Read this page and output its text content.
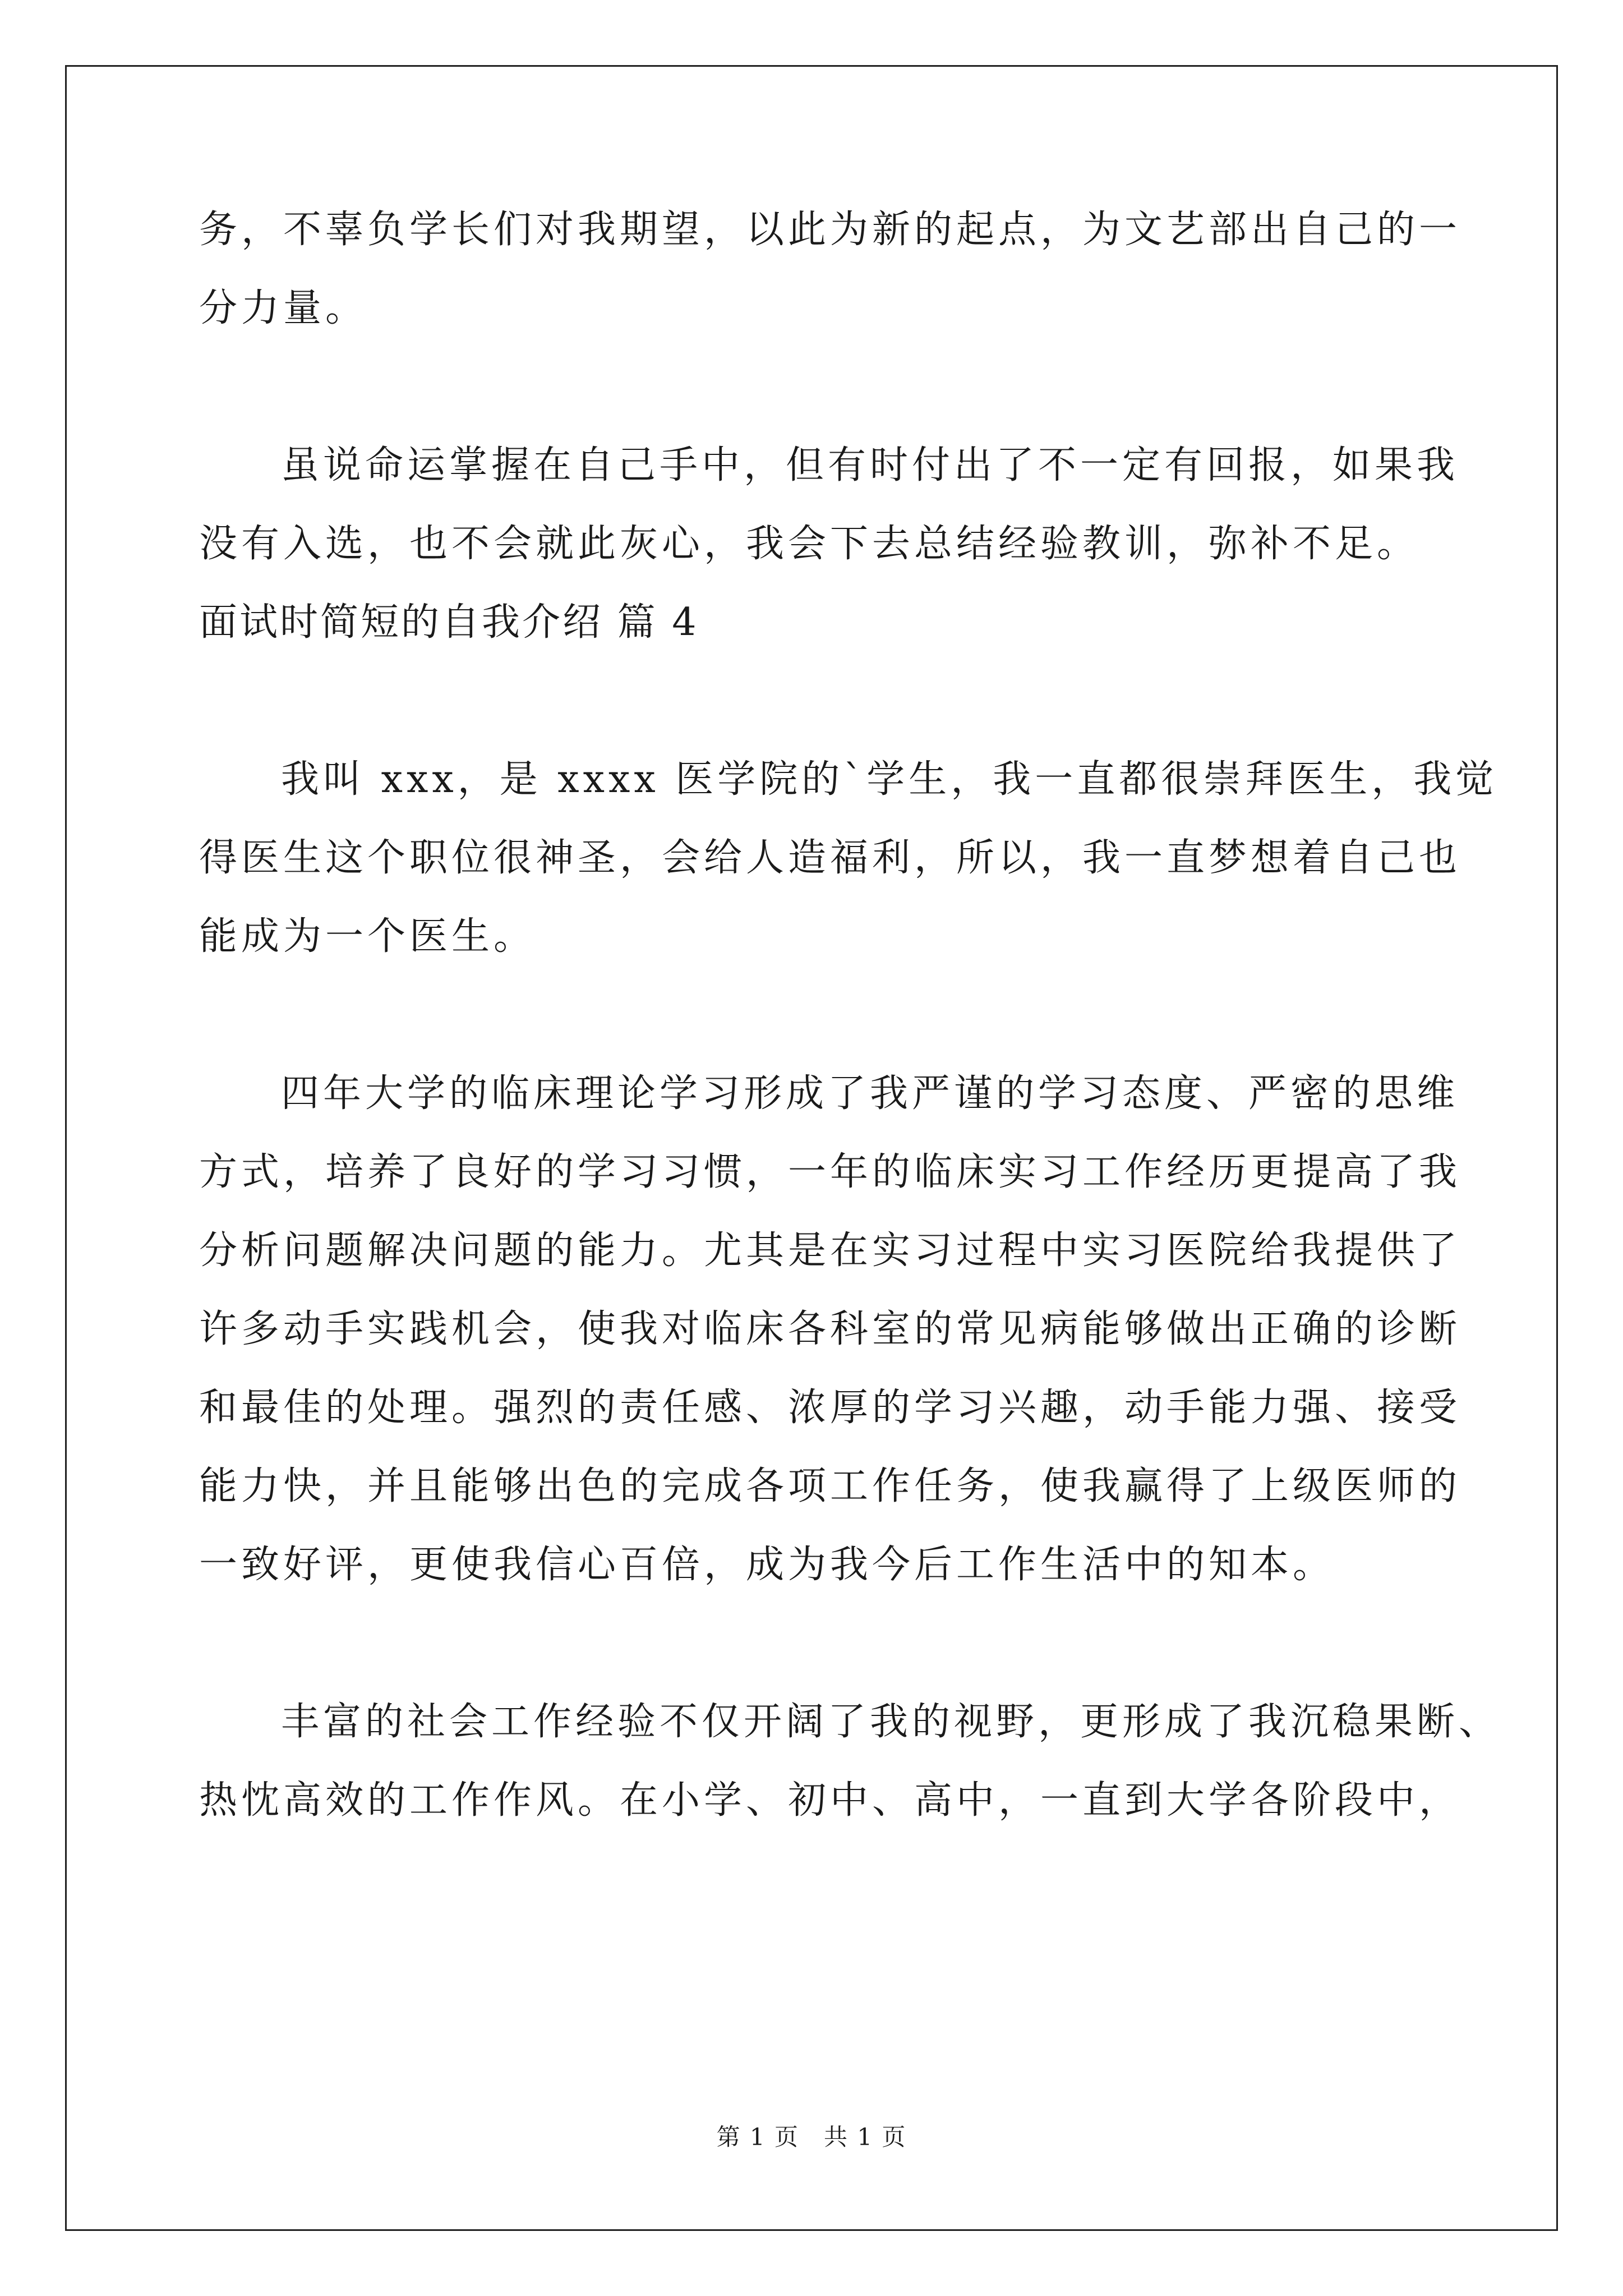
务，不辜负学长们对我期望，以此为新的起点，为文艺部出自己的一
分力量。
虽说命运掌握在自己手中，但有时付出了不一定有回报，如果我
没有入选，也不会就此灰心，我会下去总结经验教训，弥补不足。
面试时简短的自我介绍 篇 4
我叫 xxx，是 xxxx 医学院的`学生，我一直都很崇拜医生，我觉
得医生这个职位很神圣，会给人造福利，所以，我一直梦想着自己也
能成为一个医生。
四年大学的临床理论学习形成了我严谨的学习态度、严密的思维
方式，培养了良好的学习习惯，一年的临床实习工作经历更提高了我
分析问题解决问题的能力。尤其是在实习过程中实习医院给我提供了
许多动手实践机会，使我对临床各科室的常见病能够做出正确的诊断
和最佳的处理。强烈的责任感、浓厚的学习兴趣，动手能力强、接受
能力快，并且能够出色的完成各项工作任务，使我赢得了上级医师的
一致好评，更使我信心百倍，成为我今后工作生活中的知本。
丰富的社会工作经验不仅开阔了我的视野，更形成了我沉稳果断、
热忱高效的工作作风。在小学、初中、高中，一直到大学各阶段中，
第 1 页　共 1 页
